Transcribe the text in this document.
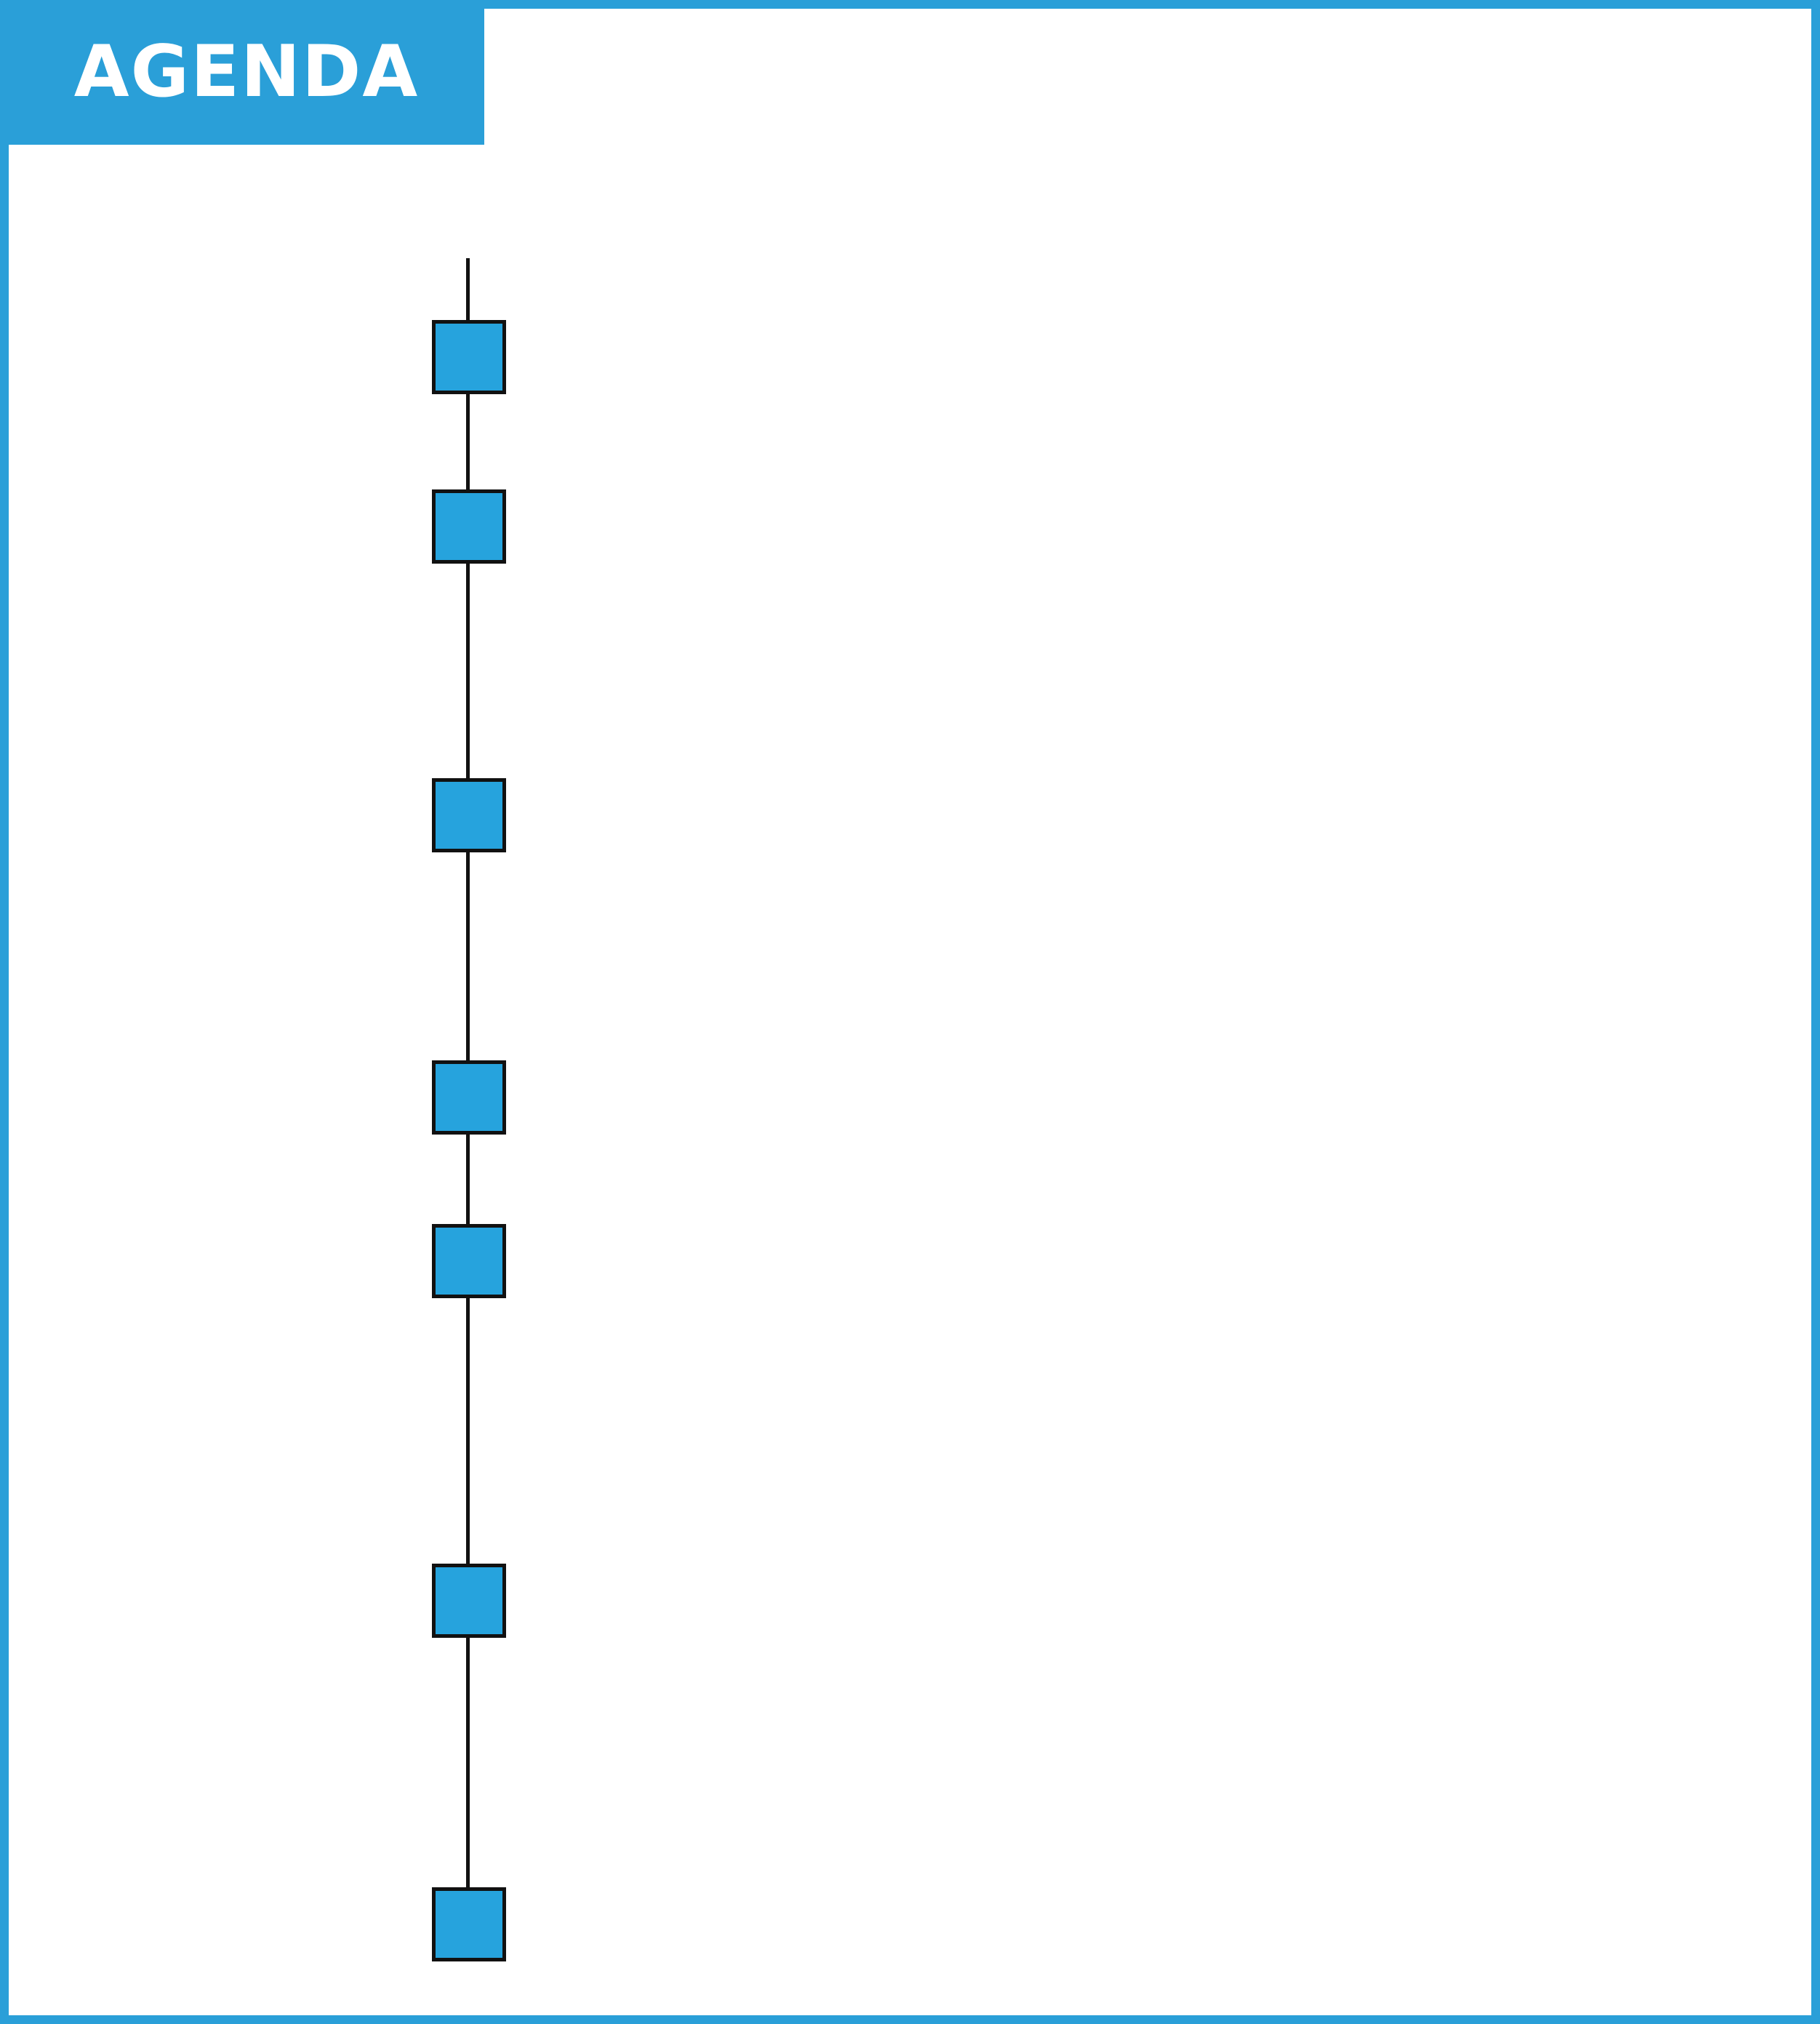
AGENDA
